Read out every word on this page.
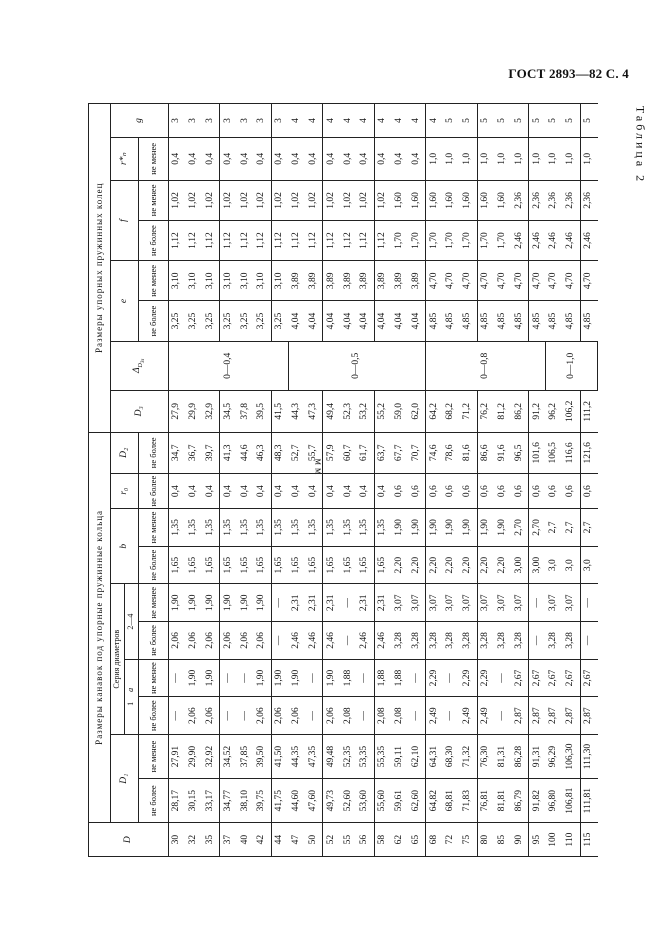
ГОСТ 2893—82 С. 4
мм
Таблица 2
D	Размеры канавок под упорные пружинные кольца										Размеры упорных пружинных колец							
	D₁		Серия диаметров				b		r₀	D₂	D₃	$\Delta_{D_{3s}}$	e		f		r*ₙ	g
			1 a		2—4													
	не более	не менее	не более	не менее	не более	не менее	не более	не менее	не более	не более			не более	не менее	не более	не менее	не менее	
30	28,17	27,91	—	—	2,06	1,90	1,65	1,35	0,4	34,7	27,9	0—0,4	3,25	3,10	1,12	1,02	0,4	3
32	30,15	29,90	2,06	1,90	2,06	1,90	1,65	1,35	0,4	36,7	29,9		3,25	3,10	1,12	1,02	0,4	3
35	33,17	32,92	2,06	1,90	2,06	1,90	1,65	1,35	0,4	39,7	32,9		3,25	3,10	1,12	1,02	0,4	3
37	34,77	34,52	—	—	2,06	1,90	1,65	1,35	0,4	41,3	34,5		3,25	3,10	1,12	1,02	0,4	3
40	38,10	37,85	—	—	2,06	1,90	1,65	1,35	0,4	44,6	37,8		3,25	3,10	1,12	1,02	0,4	3
42	39,75	39,50	2,06	1,90	2,06	1,90	1,65	1,35	0,4	46,3	39,5		3,25	3,10	1,12	1,02	0,4	3
44	41,75	41,50	2,06	1,90	—	—	1,65	1,35	0,4	48,3	41,5		3,25	3,10	1,12	1,02	0,4	3
47	44,60	44,35	2,06	1,90	2,46	2,31	1,65	1,35	0,4	52,7	44,3	0—0,5	4,04	3,89	1,12	1,02	0,4	4
50	47,60	47,35	—	—	2,46	2,31	1,65	1,35	0,4	55,7	47,3		4,04	3,89	1,12	1,02	0,4	4
52	49,73	49,48	2,06	1,90	2,46	2,31	1,65	1,35	0,4	57,9	49,4		4,04	3,89	1,12	1,02	0,4	4
55	52,60	52,35	2,08	1,88	—	—	1,65	1,35	0,4	60,7	52,3		4,04	3,89	1,12	1,02	0,4	4
56	53,60	53,35	—	—	2,46	2,31	1,65	1,35	0,4	61,7	53,2		4,04	3,89	1,12	1,02	0,4	4
58	55,60	55,35	2,08	1,88	2,46	2,31	1,65	1,35	0,4	63,7	55,2		4,04	3,89	1,12	1,02	0,4	4
62	59,61	59,11	2,08	1,88	3,28	3,07	2,20	1,90	0,6	67,7	59,0		4,04	3,89	1,70	1,60	0,4	4
65	62,60	62,10	—	—	3,28	3,07	2,20	1,90	0,6	70,7	62,0		4,04	3,89	1,70	1,60	0,4	4
68	64,82	64,31	2,49	2,29	3,28	3,07	2,20	1,90	0,6	74,6	64,2	0—0,8	4,85	4,70	1,70	1,60	1,0	4
72	68,81	68,30	—	—	3,28	3,07	2,20	1,90	0,6	78,6	68,2		4,85	4,70	1,70	1,60	1,0	5
75	71,83	71,32	2,49	2,29	3,28	3,07	2,20	1,90	0,6	81,6	71,2		4,85	4,70	1,70	1,60	1,0	5
80	76,81	76,30	2,49	2,29	3,28	3,07	2,20	1,90	0,6	86,6	76,2		4,85	4,70	1,70	1,60	1,0	5
85	81,81	81,31	—	—	3,28	3,07	2,20	1,90	0,6	91,6	81,2		4,85	4,70	1,70	1,60	1,0	5
90	86,79	86,28	2,87	2,67	3,28	3,07	3,00	2,70	0,6	96,5	86,2		4,85	4,70	2,46	2,36	1,0	5
95	91,82	91,31	2,87	2,67	—	—	3,00	2,70	0,6	101,6	91,2		4,85	4,70	2,46	2,36	1,0	5
100	96,80	96,29	2,87	2,67	3,28	3,07	3,0	2,7	0,6	106,5	96,2	0—1,0	4,85	4,70	2,46	2,36	1,0	5
110	106,81	106,30	2,87	2,67	3,28	3,07	3,0	2,7	0,6	116,6	106,2		4,85	4,70	2,46	2,36	1,0	5
115	111,81	111,30	2,87	2,67	—	—	3,0	2,7	0,6	121,6	111,2		4,85	4,70	2,46	2,36	1,0	5
